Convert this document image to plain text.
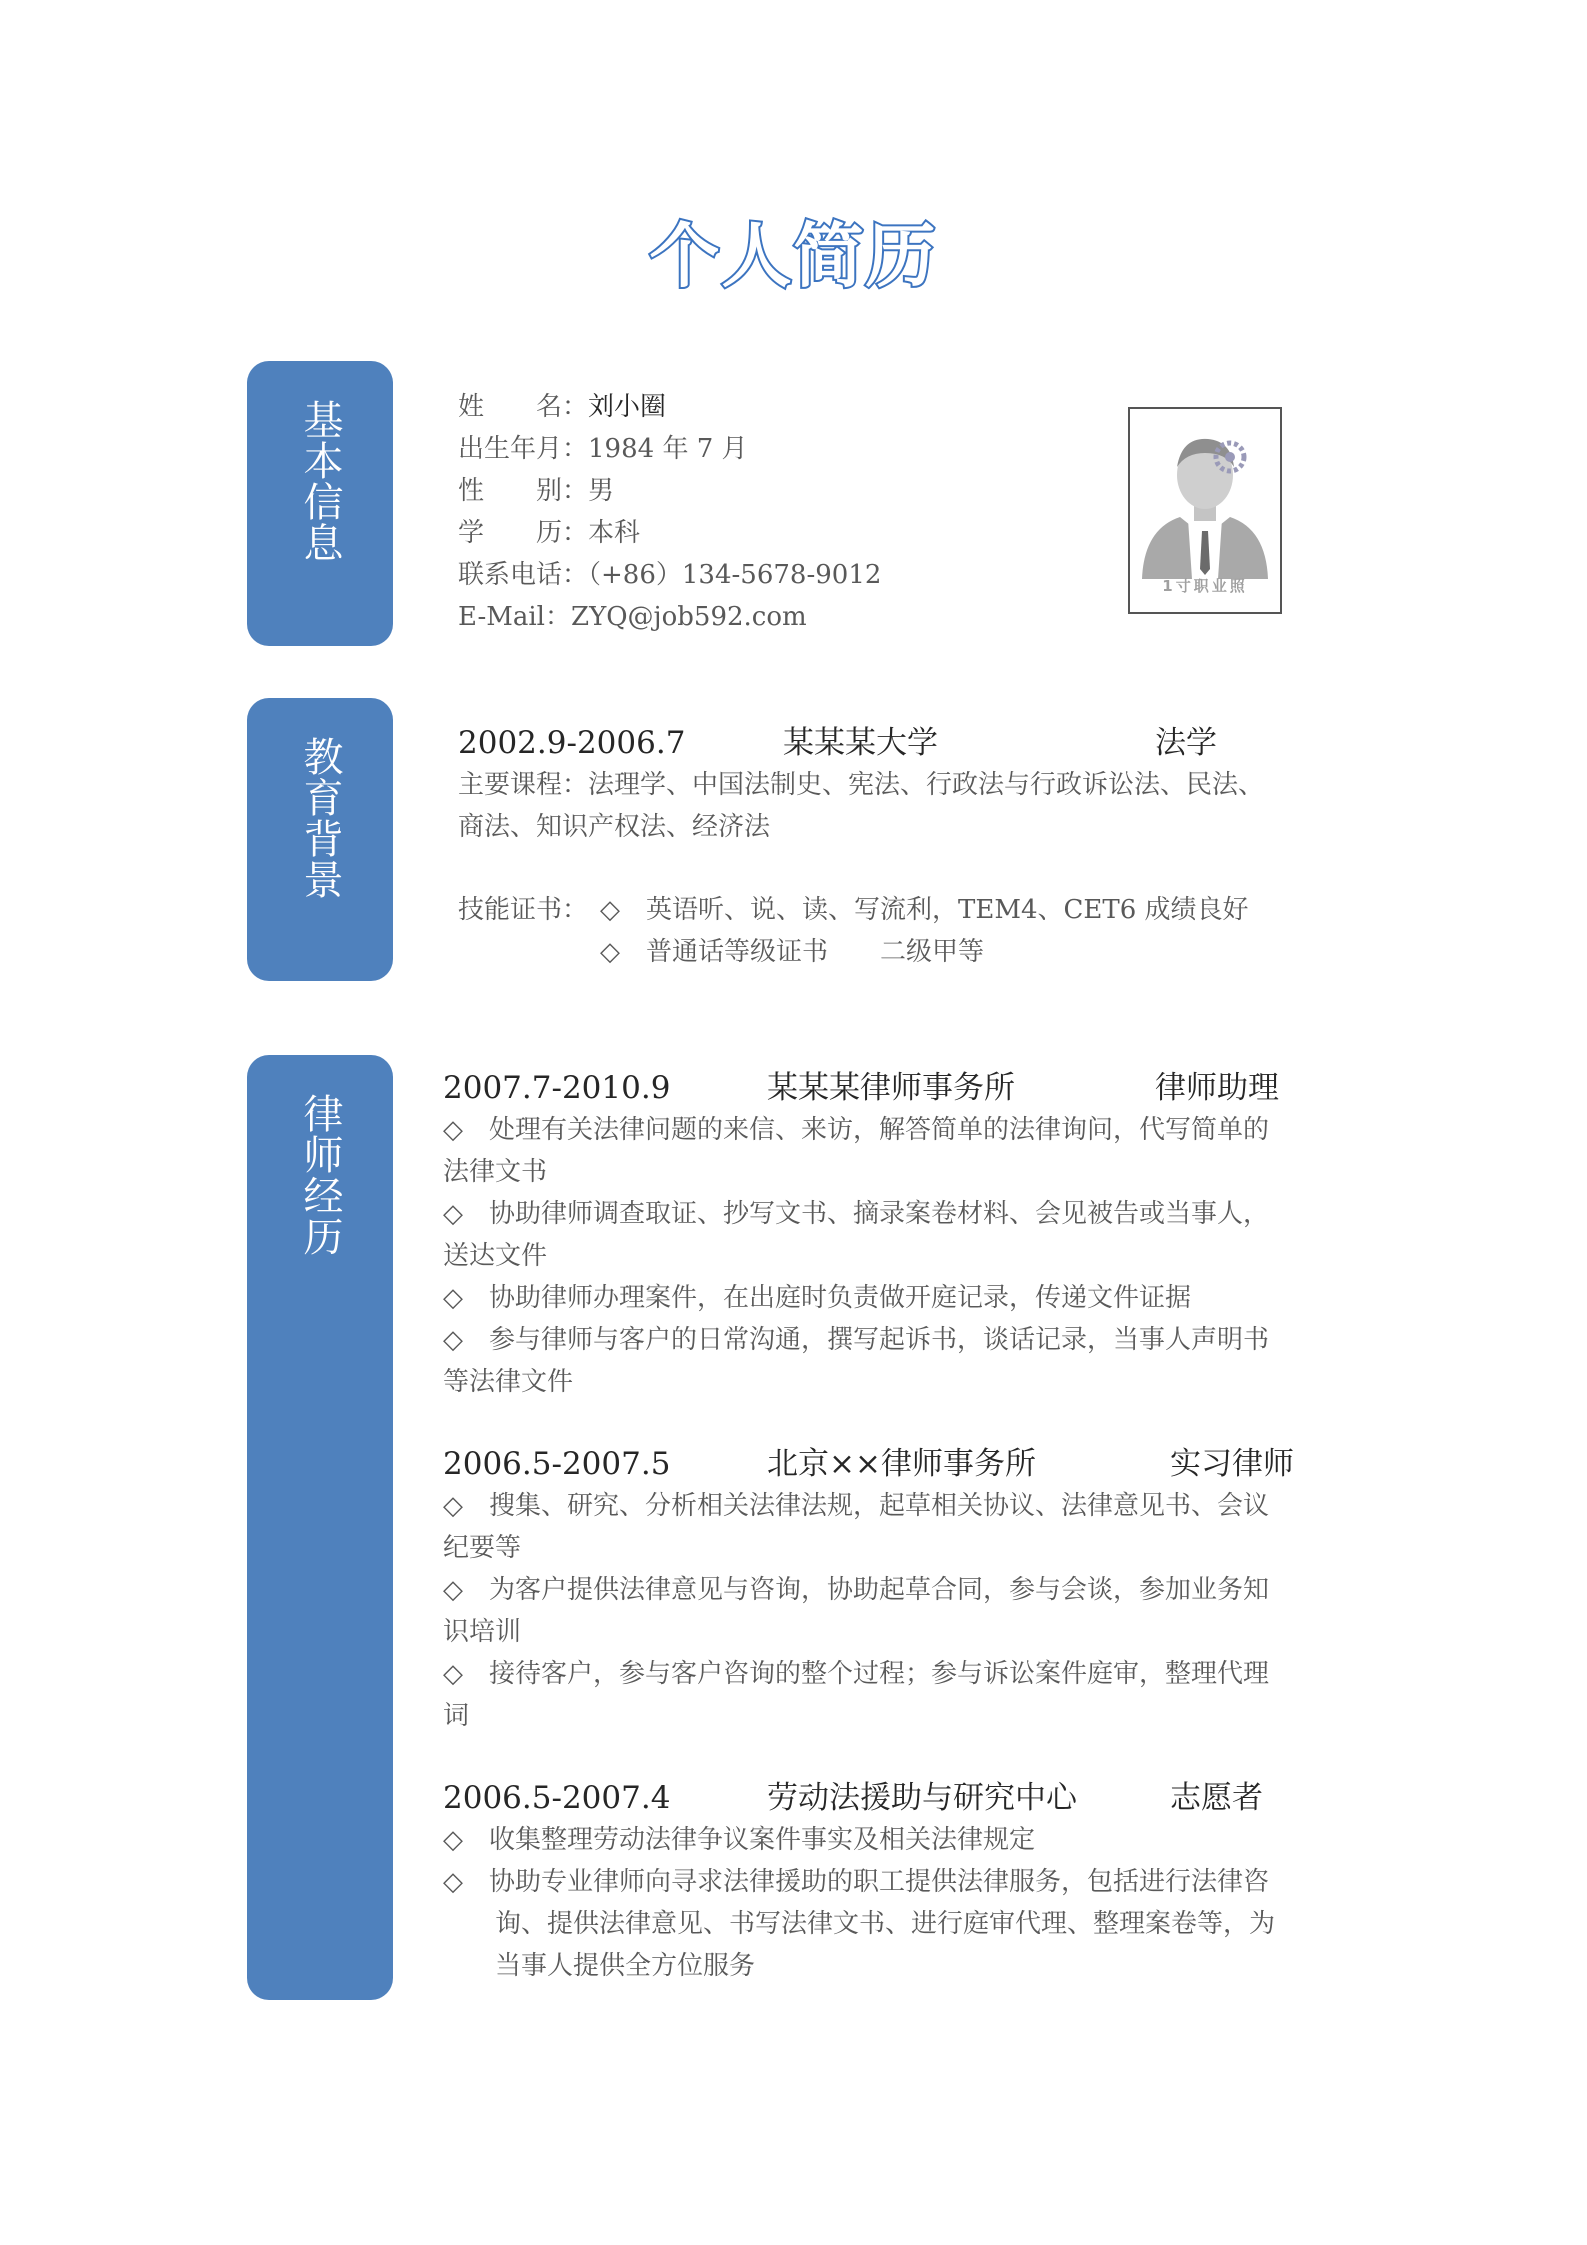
个人简历
基本信息
教育背景
律师经历
姓　　名：刘小圈
出生年月：1984 年 7 月
性　　别：男
学　　历：本科
联系电话：（+86）134-5678-9012
E-Mail：ZYQ@job592.com
1寸职业照
2002.9-2006.7	某某某大学	法学
主要课程：法理学、中国法制史、宪法、行政法与行政诉讼法、民法、
商法、知识产权法、经济法
技能证书： ◇　英语听、说、读、写流利，TEM4、CET6 成绩良好
◇　普通话等级证书　　二级甲等
2007.7-2010.9	某某某律师事务所	律师助理
◇　处理有关法律问题的来信、来访，解答简单的法律询问，代写简单的
法律文书
◇　协助律师调查取证、抄写文书、摘录案卷材料、会见被告或当事人，
送达文件
◇　协助律师办理案件，在出庭时负责做开庭记录，传递文件证据
◇　参与律师与客户的日常沟通，撰写起诉书，谈话记录，当事人声明书
等法律文件
2006.5-2007.5	北京××律师事务所	实习律师
◇　搜集、研究、分析相关法律法规，起草相关协议、法律意见书、会议
纪要等
◇　为客户提供法律意见与咨询，协助起草合同，参与会谈，参加业务知
识培训
◇　接待客户，参与客户咨询的整个过程；参与诉讼案件庭审，整理代理
词
2006.5-2007.4	劳动法援助与研究中心	志愿者
◇　收集整理劳动法律争议案件事实及相关法律规定
◇　协助专业律师向寻求法律援助的职工提供法律服务，包括进行法律咨
　　询、提供法律意见、书写法律文书、进行庭审代理、整理案卷等，为
　　当事人提供全方位服务
